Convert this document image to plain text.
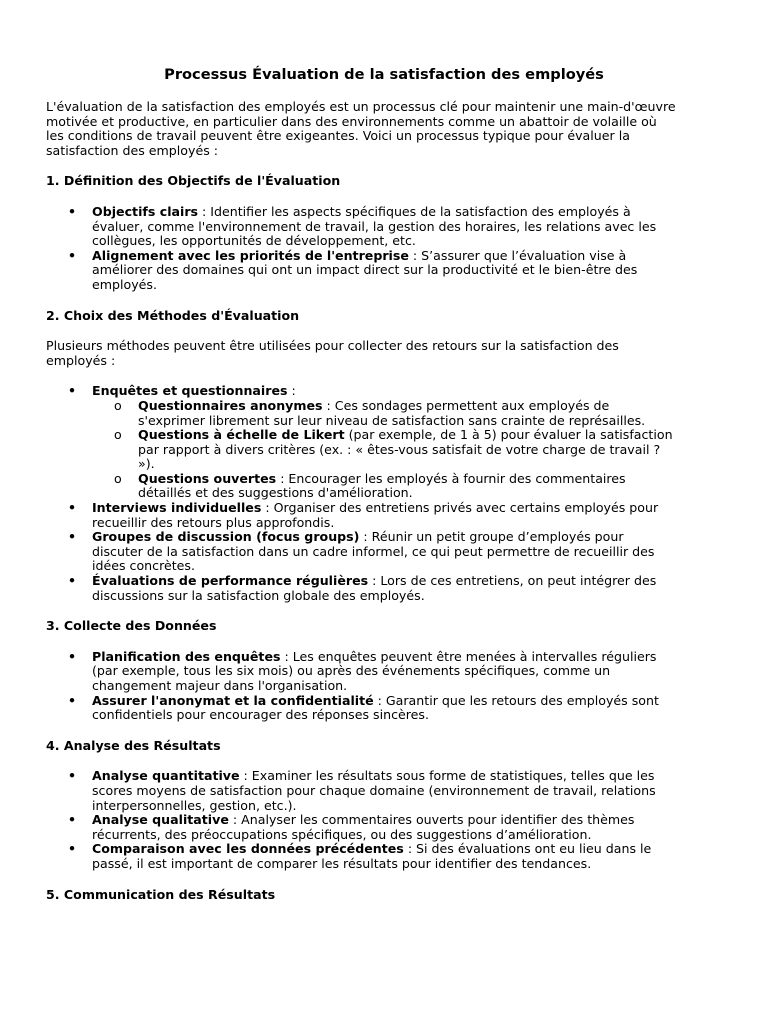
Processus Évaluation de la satisfaction des employés

L'évaluation de la satisfaction des employés est un processus clé pour maintenir une main-d'œuvre motivée et productive, en particulier dans des environnements comme un abattoir de volaille où les conditions de travail peuvent être exigeantes. Voici un processus typique pour évaluer la satisfaction des employés :

1. Définition des Objectifs de l'Évaluation
• Objectifs clairs : Identifier les aspects spécifiques de la satisfaction des employés à évaluer, comme l'environnement de travail, la gestion des horaires, les relations avec les collègues, les opportunités de développement, etc.
• Alignement avec les priorités de l'entreprise : S’assurer que l’évaluation vise à améliorer des domaines qui ont un impact direct sur la productivité et le bien-être des employés.
2. Choix des Méthodes d'Évaluation

Plusieurs méthodes peuvent être utilisées pour collecter des retours sur la satisfaction des employés :

• Enquêtes et questionnaires :
o Questionnaires anonymes : Ces sondages permettent aux employés de s'exprimer librement sur leur niveau de satisfaction sans crainte de représailles.
o Questions à échelle de Likert (par exemple, de 1 à 5) pour évaluer la satisfaction par rapport à divers critères (ex. : « êtes-vous satisfait de votre charge de travail ? »).
o Questions ouvertes : Encourager les employés à fournir des commentaires détaillés et des suggestions d'amélioration.
• Interviews individuelles : Organiser des entretiens privés avec certains employés pour recueillir des retours plus approfondis.
• Groupes de discussion (focus groups) : Réunir un petit groupe d’employés pour discuter de la satisfaction dans un cadre informel, ce qui peut permettre de recueillir des idées concrètes.
• Évaluations de performance régulières : Lors de ces entretiens, on peut intégrer des discussions sur la satisfaction globale des employés.
3. Collecte des Données
• Planification des enquêtes : Les enquêtes peuvent être menées à intervalles réguliers (par exemple, tous les six mois) ou après des événements spécifiques, comme un changement majeur dans l'organisation.
• Assurer l'anonymat et la confidentialité : Garantir que les retours des employés sont confidentiels pour encourager des réponses sincères.
4. Analyse des Résultats
• Analyse quantitative : Examiner les résultats sous forme de statistiques, telles que les scores moyens de satisfaction pour chaque domaine (environnement de travail, relations interpersonnelles, gestion, etc.).
• Analyse qualitative : Analyser les commentaires ouverts pour identifier des thèmes récurrents, des préoccupations spécifiques, ou des suggestions d’amélioration.
• Comparaison avec les données précédentes : Si des évaluations ont eu lieu dans le passé, il est important de comparer les résultats pour identifier des tendances.
5. Communication des Résultats
